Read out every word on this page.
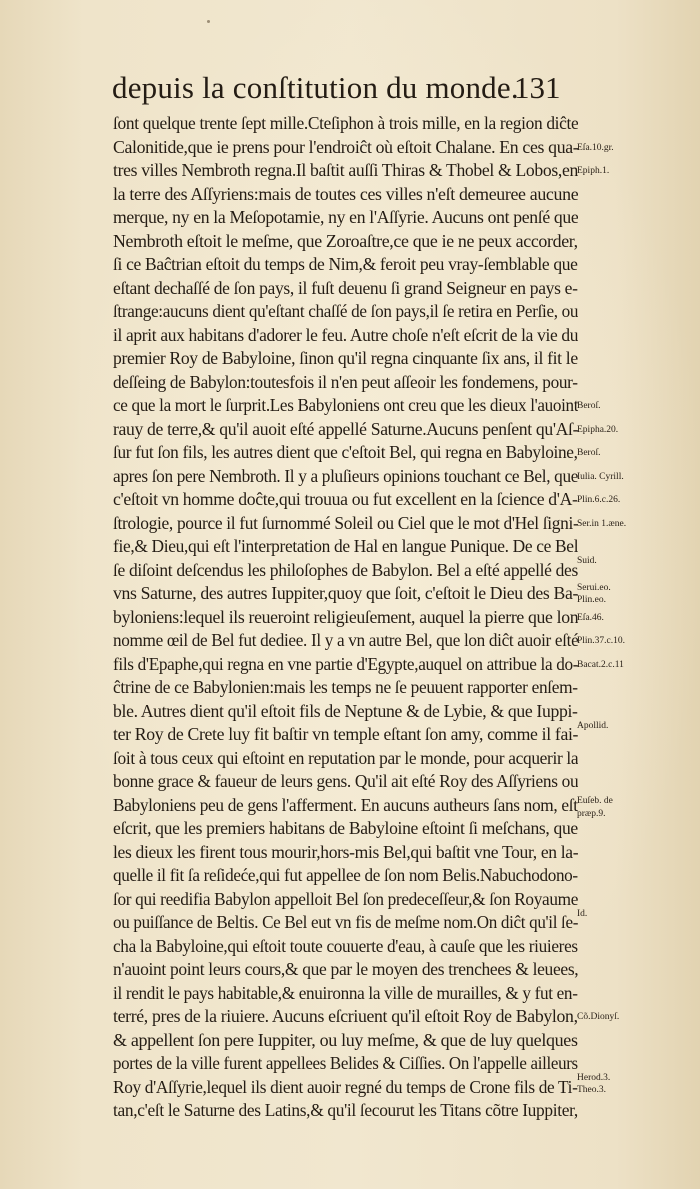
depuis la conſtitution du monde.
131
ſont quelque trente ſept mille.Cteſiphon à trois mille, en la region diĉte
Calonitide,que ie prens pour l'endroiĉt où eſtoit Chalane. En ces qua-
tres villes Nembroth regna.Il baſtit auſſi Thiras & Thobel & Lobos,en
la terre des Aſſyriens:mais de toutes ces villes n'eſt demeuree aucune
merque, ny en la Meſopotamie, ny en l'Aſſyrie. Aucuns ont penſé que
Nembroth eſtoit le meſme, que Zoroaſtre,ce que ie ne peux accorder,
ſi ce Baĉtrian eſtoit du temps de Nim,& feroit peu vray-ſemblable que
eſtant dechaſſé de ſon pays, il fuſt deuenu ſi grand Seigneur en pays e-
ſtrange:aucuns dient qu'eſtant chaſſé de ſon pays,il ſe retira en Perſie, ou
il aprit aux habitans d'adorer le feu. Autre choſe n'eſt eſcrit de la vie du
premier Roy de Babyloine, ſinon qu'il regna cinquante ſix ans, il fit le
deſſeing de Babylon:toutesfois il n'en peut aſſeoir les fondemens, pour-
ce que la mort le ſurprit.Les Babyloniens ont creu que les dieux l'auoint
rauy de terre,& qu'il auoit eſté appellé Saturne.Aucuns penſent qu'Aſ-
ſur fut ſon fils, les autres dient que c'eſtoit Bel, qui regna en Babyloine,
apres ſon pere Nembroth. Il y a pluſieurs opinions touchant ce Bel, que
c'eſtoit vn homme doĉte,qui trouua ou fut excellent en la ſcience d'A-
ſtrologie, pource il fut ſurnommé Soleil ou Ciel que le mot d'Hel ſigni-
fie,& Dieu,qui eſt l'interpretation de Hal en langue Punique. De ce Bel
ſe diſoint deſcendus les philoſophes de Babylon. Bel a eſté appellé des
vns Saturne, des autres Iuppiter,quoy que ſoit, c'eſtoit le Dieu des Ba-
byloniens:lequel ils reueroint religieuſement, auquel la pierre que lon
nomme œil de Bel fut dediee. Il y a vn autre Bel, que lon diĉt auoir eſté
fils d'Epaphe,qui regna en vne partie d'Egypte,auquel on attribue la do-
ĉtrine de ce Babylonien:mais les temps ne ſe peuuent rapporter enſem-
ble. Autres dient qu'il eſtoit fils de Neptune & de Lybie, & que Iuppi-
ter Roy de Crete luy fit baſtir vn temple eſtant ſon amy, comme il fai-
ſoit à tous ceux qui eſtoint en reputation par le monde, pour acquerir la
bonne grace & faueur de leurs gens. Qu'il ait eſté Roy des Aſſyriens ou
Babyloniens peu de gens l'afferment. En aucuns autheurs ſans nom, eſt
eſcrit, que les premiers habitans de Babyloine eſtoint ſi meſchans, que
les dieux les firent tous mourir,hors-mis Bel,qui baſtit vne Tour, en la-
quelle il fit ſa reſideće,qui fut appellee de ſon nom Belis.Nabuchodono-
ſor qui reedifia Babylon appelloit Bel ſon predeceſſeur,& ſon Royaume
ou puiſſance de Beltis. Ce Bel eut vn fis de meſme nom.On diĉt qu'il ſe-
cha la Babyloine,qui eſtoit toute couuerte d'eau, à cauſe que les riuieres
n'auoint point leurs cours,& que par le moyen des trenchees & leuees,
il rendit le pays habitable,& enuironna la ville de murailles, & y fut en-
terré, pres de la riuiere. Aucuns eſcriuent qu'il eſtoit Roy de Babylon,
& appellent ſon pere Iuppiter, ou luy meſme, & que de luy quelques
portes de la ville furent appellees Belides & Ciſſies. On l'appelle ailleurs
Roy d'Aſſyrie,lequel ils dient auoir regné du temps de Crone fils de Ti-
tan,c'eſt le Saturne des Latins,& qu'il ſecourut les Titans cõtre Iuppiter,
Eſa.10.gr.
Epiph.1.
Beroſ.
Epipha.20.
Beroſ.
Iulia. Cyrill.
Plin.6.c.26.
Ser.in 1.æne.
Suid.
Serui.eo.
Plin.eo.
Eſa.46.
Plin.37.c.10.
Bacat.2.c.11
Apollid.
Euſeb. de
præp.9.
Id.
Cõ.Dionyſ.
Herod.3.
Theo.3.
